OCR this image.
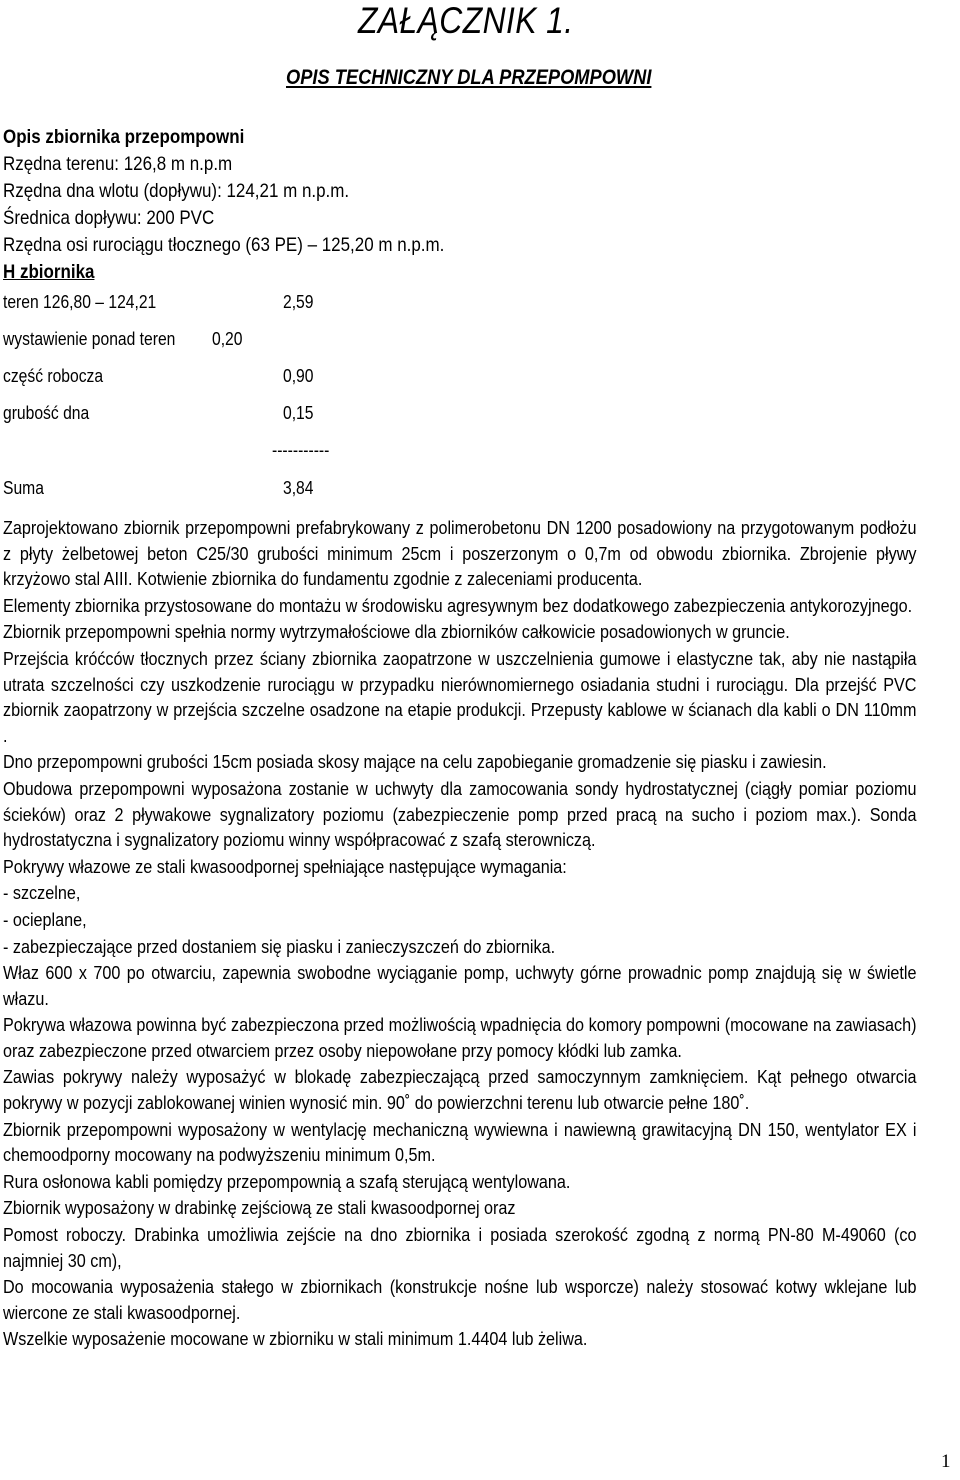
ZAŁĄCZNIK 1.
OPIS TECHNICZNY DLA PRZEPOMPOWNI
Opis zbiornika przepompowni
Rzędna terenu: 126,8 m n.p.m
Rzędna dna wlotu (dopływu): 124,21 m n.p.m.
Średnica dopływu: 200 PVC
Rzędna osi rurociągu tłocznego (63 PE) – 125,20 m n.p.m.
H zbiornika
teren 126,80 – 124,21	2,59
wystawienie ponad teren 0,20
część robocza	0,90
grubość dna	0,15
-----------
Suma	3,84

Zaprojektowano zbiornik przepompowni prefabrykowany z polimerobetonu DN 1200 posadowiony na przygotowanym podłożu z płyty żelbetowej beton C25/30 grubości minimum 25cm i poszerzonym o 0,7m od obwodu zbiornika. Zbrojenie pływy krzyżowo stal AIII. Kotwienie zbiornika do fundamentu zgodnie z zaleceniami producenta.

Elementy zbiornika przystosowane do montażu w środowisku agresywnym bez dodatkowego zabezpieczenia antykorozyjnego.

Zbiornik przepompowni spełnia normy wytrzymałościowe dla zbiorników całkowicie posadowionych w gruncie.

Przejścia króćców tłocznych przez ściany zbiornika zaopatrzone w uszczelnienia gumowe i elastyczne tak, aby nie nastąpiła utrata szczelności czy uszkodzenie rurociągu w przypadku nierównomiernego osiadania studni i rurociągu. Dla przejść PVC zbiornik zaopatrzony w przejścia szczelne osadzone na etapie produkcji. Przepusty kablowe w ścianach dla kabli o DN 110mm .

Dno przepompowni grubości 15cm posiada skosy mające na celu zapobieganie gromadzenie się piasku i zawiesin.

Obudowa przepompowni wyposażona zostanie w uchwyty dla zamocowania sondy hydrostatycznej (ciągły pomiar poziomu ścieków) oraz 2 pływakowe sygnalizatory poziomu (zabezpieczenie pomp przed pracą na sucho i poziom max.). Sonda hydrostatyczna i sygnalizatory poziomu winny współpracować z szafą sterowniczą.

Pokrywy włazowe ze stali kwasoodpornej spełniające następujące wymagania:

- szczelne,

- ocieplane,

- zabezpieczające przed dostaniem się piasku i zanieczyszczeń do zbiornika.

Właz 600 x 700 po otwarciu, zapewnia swobodne wyciąganie pomp, uchwyty górne prowadnic pomp znajdują się w świetle włazu.

Pokrywa włazowa powinna być zabezpieczona przed możliwością wpadnięcia do komory pompowni (mocowane na zawiasach) oraz zabezpieczone przed otwarciem przez osoby niepowołane przy pomocy kłódki lub zamka.

Zawias pokrywy należy wyposażyć w blokadę zabezpieczającą przed samoczynnym zamknięciem. Kąt pełnego otwarcia pokrywy w pozycji zablokowanej winien wynosić min. 90˚ do powierzchni terenu lub otwarcie pełne 180˚.

Zbiornik przepompowni wyposażony w wentylację mechaniczną wywiewna i nawiewną grawitacyjną DN 150, wentylator EX i chemoodporny mocowany na podwyższeniu minimum 0,5m.

Rura osłonowa kabli pomiędzy przepompownią a szafą sterującą wentylowana.

Zbiornik wyposażony w drabinkę zejściową ze stali kwasoodpornej oraz

Pomost roboczy. Drabinka umożliwia zejście na dno zbiornika i posiada szerokość zgodną z normą PN-80 M-49060 (co najmniej 30 cm),

Do mocowania wyposażenia stałego w zbiornikach (konstrukcje nośne lub wsporcze) należy stosować kotwy wklejane lub wiercone ze stali kwasoodpornej.

Wszelkie wyposażenie mocowane w zbiorniku w stali minimum 1.4404 lub żeliwa.

1
